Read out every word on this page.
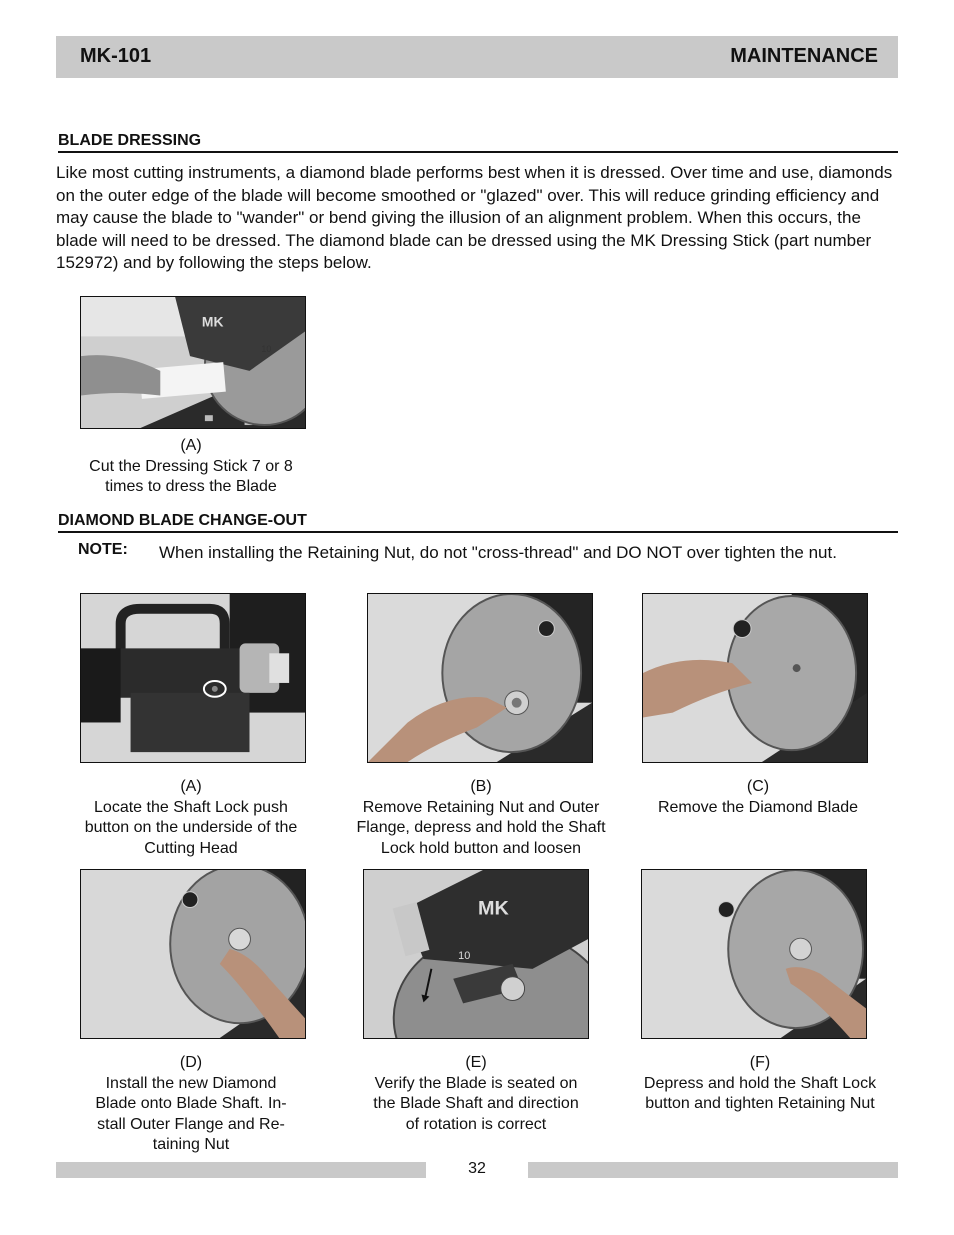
MK-101	MAINTENANCE
BLADE DRESSING
Like most cutting instruments, a diamond blade performs best when it is dressed. Over time and use, diamonds on the outer edge of the blade will become smoothed or "glazed" over. This will reduce grinding efficiency and may cause the blade to "wander" or bend giving the illusion of an alignment problem. When this occurs, the blade will need to be dressed. The diamond blade can be dressed using the MK Dressing Stick (part number 152972) and by following the steps below.
MK
10
(A)
Cut the Dressing Stick 7 or 8
times to dress the Blade
DIAMOND BLADE CHANGE-OUT
NOTE: When installing the Retaining Nut, do not "cross-thread" and DO NOT over tighten the nut.
(A)
Locate the Shaft Lock push
button on the underside of the
Cutting Head
(B)
Remove Retaining Nut and Outer
Flange, depress and hold the Shaft
Lock hold button and loosen
(C)
Remove the Diamond Blade
MK
10
(D)
Install the new Diamond
Blade onto Blade Shaft. In-
stall Outer Flange and Re-
taining Nut
(E)
Verify the Blade is seated on
the Blade Shaft and direction
of rotation is correct
(F)
Depress and hold the Shaft Lock
button and tighten Retaining Nut
32
